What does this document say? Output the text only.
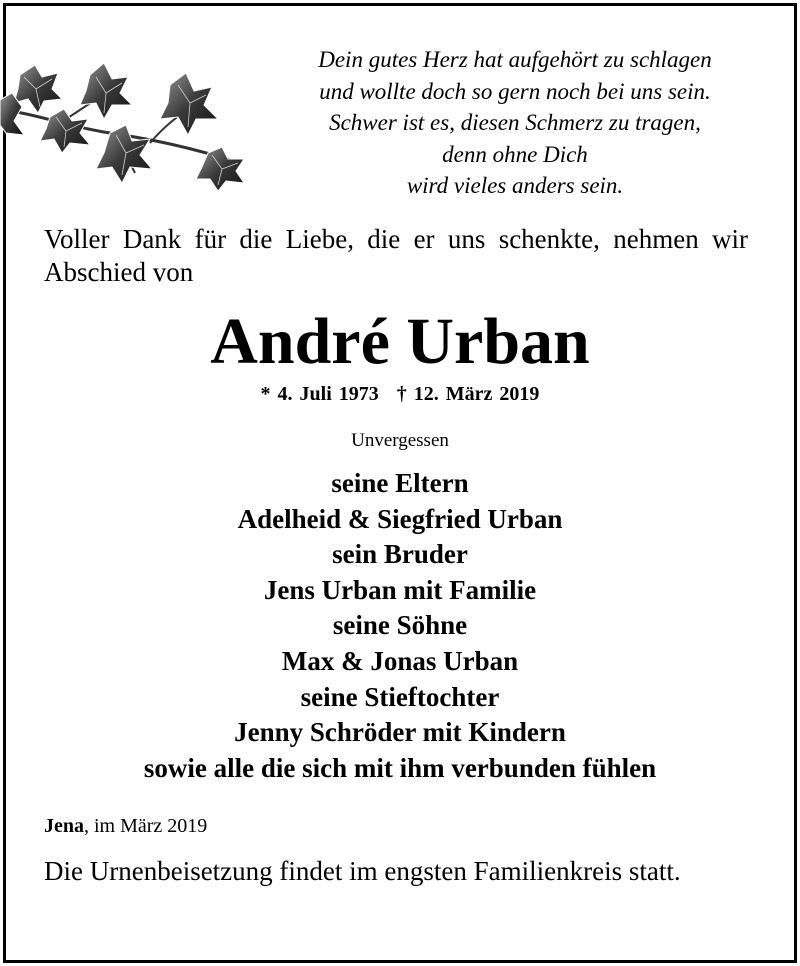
Dein gutes Herz hat aufgehört zu schlagen
und wollte doch so gern noch bei uns sein.
Schwer ist es, diesen Schmerz zu tragen,
denn ohne Dich
wird vieles anders sein.
Voller Dank für die Liebe, die er uns schenkte, nehmen wir Abschied von
André Urban
* 4. Juli 1973 † 12. März 2019
Unvergessen
seine Eltern
Adelheid & Siegfried Urban
sein Bruder
Jens Urban mit Familie
seine Söhne
Max & Jonas Urban
seine Stieftochter
Jenny Schröder mit Kindern
sowie alle die sich mit ihm verbunden fühlen
Jena, im März 2019
Die Urnenbeisetzung findet im engsten Familienkreis statt.
